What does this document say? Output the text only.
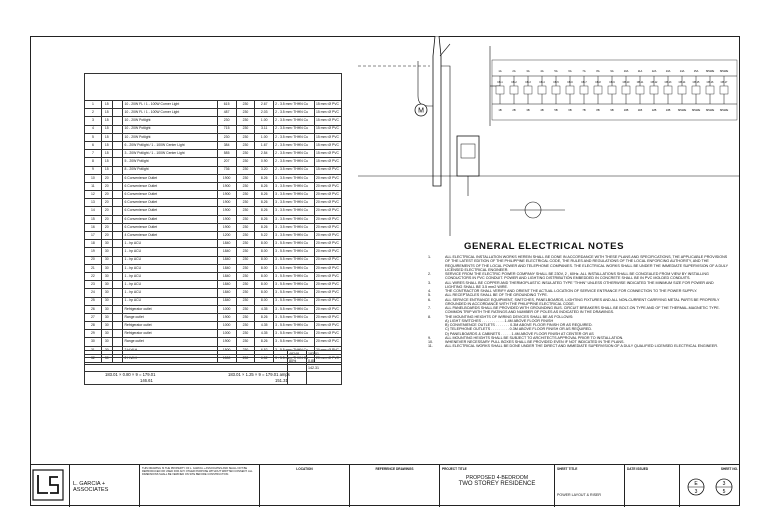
1	15		10 - 20W FL / 1 - 100W Corner Light	615	230	2.67	2 - 3.5 mm² THHN Cu	15 mm² Ø PVC
2	15		10 - 20W FL / 1 - 100W Corner Light	487	230	2.03	2 - 3.5 mm² THHN Cu	15 mm² Ø PVC
3	15		10 - 20W Potlight	230	230	1.00	2 - 3.5 mm² THHN Cu	15 mm² Ø PVC
4	15		10 - 20W Potlight	715	230	3.11	2 - 3.5 mm² THHN Cu	15 mm² Ø PVC
5	15		10 - 20W Potlight	230	230	1.00	2 - 3.5 mm² THHN Cu	15 mm² Ø PVC
6	15		6 - 20W Potlight / 1 - 100W Center Light	384	230	1.67	2 - 3.5 mm² THHN Cu	15 mm² Ø PVC
7	15		3 - 20W Potlight / 1 - 100W Center Light	585	230	2.54	2 - 3.5 mm² THHN Cu	15 mm² Ø PVC
8	15		5 - 20W Potlight	207	230	0.90	2 - 3.5 mm² THHN Cu	15 mm² Ø PVC
9	15		8 - 20W Potlight	736	230	3.20	2 - 3.5 mm² THHN Cu	15 mm² Ø PVC
10	20		6 Convenience Outlet	1900	230	8.26	3 - 3.5 mm² THHN Cu	20 mm² Ø PVC
11	20		6 Convenience Outlet	1900	230	8.26	3 - 3.5 mm² THHN Cu	20 mm² Ø PVC
12	20		6 Convenience Outlet	1900	230	8.26	3 - 3.5 mm² THHN Cu	20 mm² Ø PVC
13	20		6 Convenience Outlet	1900	230	8.26	3 - 3.5 mm² THHN Cu	20 mm² Ø PVC
14	20		6 Convenience Outlet	1900	230	8.26	3 - 3.5 mm² THHN Cu	20 mm² Ø PVC
15	20		6 Convenience Outlet	1900	230	8.26	3 - 3.5 mm² THHN Cu	20 mm² Ø PVC
16	20		6 Convenience Outlet	1900	230	8.26	3 - 3.5 mm² THHN Cu	20 mm² Ø PVC
17	20		4 Convenience Outlet	1200	230	5.22	3 - 3.5 mm² THHN Cu	20 mm² Ø PVC
18	30		1 - hp ACU	1840	230	8.00	3 - 5.5 mm² THHN Cu	20 mm² Ø PVC
19	30		1 - hp ACU	1840	230	8.00	3 - 5.5 mm² THHN Cu	20 mm² Ø PVC
20	30		1 - hp ACU	1840	230	8.00	3 - 5.5 mm² THHN Cu	20 mm² Ø PVC
21	30		1 - hp ACU	1840	230	8.00	3 - 5.5 mm² THHN Cu	20 mm² Ø PVC
22	30		1 - hp ACU	1840	230	8.00	3 - 5.5 mm² THHN Cu	20 mm² Ø PVC
23	30		1 - hp ACU	1840	230	8.00	3 - 5.5 mm² THHN Cu	20 mm² Ø PVC
24	30		1 - hp ACU	1840	230	8.00	3 - 5.5 mm² THHN Cu	20 mm² Ø PVC
25	30		1 - hp ACU	1840	230	8.00	3 - 5.5 mm² THHN Cu	20 mm² Ø PVC
26	30		Refrigerator outlet	1000	230	4.35	3 - 5.5 mm² THHN Cu	20 mm² Ø PVC
27	30		Range outlet	1900	230	8.26	3 - 5.5 mm² THHN Cu	20 mm² Ø PVC
28	30		Refrigerator outlet	1000	230	4.35	3 - 5.5 mm² THHN Cu	20 mm² Ø PVC
29	30		Refrigerator outlet	1000	230	4.35	3 - 5.5 mm² THHN Cu	20 mm² Ø PVC
30	30		Range outlet	1900	230	8.26	3 - 5.5 mm² THHN Cu	20 mm² Ø PVC
31	30		2 H.W.H	1500	230	6.52	3 - 5.5 mm² THHN Cu	20 mm² Ø PVC
32	30		2 H.W.H	1500	230	6.52	3 - 5.5 mm² THHN Cu	20 mm² Ø PVC
	48248	183.01
	80%	0.80
		142.31

183.01 × 0.80 × 9 = 179.01	183.01 × 1.25 × 9 = 179.01 amps
146.61	151.31
M
1A
CB-1
1B
2A
CB-2
2B
3A
CB-3
3B
4A
CB-4
4B
5A
CB-5
5B
6A
CB-6
6B
7A
CB-7
7B
8A
CB-8
8B
9A
CB-9
9B
10A
CB-10
10B
11A
CB-11
11B
12A
CB-12
12B
13A
CB-13
13B
14A
CB-14
SPARE
15A
CB-15
SPARE
SPARE
CB-16
SPARE
SPARE
CB-17
SPARE
GENERAL ELECTRICAL NOTES
1.	ALL ELECTRICAL INSTALLATION WORKS HEREIN SHALL BE DONE IN ACCORDANCE WITH THESE PLANS AND SPECIFICATIONS, THE APPLICABLE PROVISIONS OF THE LATEST EDITION OF THE PHILIPPINE ELECTRICAL CODE, THE RULES AND REGULATIONS OF THE LOCAL ENFORCING AUTHORITY, AND THE REQUIREMENTS OF THE LOCAL POWER AND TELEPHONE COMPANIES. THE ELECTRICAL WORKS SHALL BE UNDER THE IMMEDIATE SUPERVISION OF A DULY LICENSED ELECTRICAL ENGINEER.
2.	SERVICE FROM THE ELECTRIC POWER COMPANY SHALL BE 230V, 2 , 60Hz. ALL INSTALLATIONS SHALL BE CONCEALED FROM VIEW BY INSTALLING CONDUCTORS IN PVC CONDUIT. POWER AND LIGHTING DISTRIBUTION EMBEDDED IN CONCRETE SHALL BE IN PVC MOLDED CONDUITS.
3.	ALL WIRES SHALL BE COPPER AND THERMOPLASTIC INSULATED TYPE "THHN" UNLESS OTHERWISE INDICATED THE MINIMUM SIZE FOR POWER AND LIGHTING SHALL BE 3.5 mm2 WIRE.
4.	THE CONTRACTOR SHALL VERIFY AND ORIENT THE ACTUAL LOCATION OF SERVICE ENTRANCE FOR CONNECTION TO THE POWER SUPPLY.
5.	ALL RECEPTACLES SHALL BE OF THE GROUNDING TYPE.
6.	ALL SERVICE ENTRANCE EQUIPMENT, SWITCHES, PANELBOARDS, LIGHTING FIXTURES AND ALL NON-CURRENT CARRYING METAL PARTS BE PROPERLY GROUNDED IN ACCORDANCE WITH THE PHILIPPINE ELECTRICAL CODE.
7.	ALL PANELBOARDS SHALL BE PROVIDED WITH GROUNDING BUS. CIRCUIT BREAKERS SHALL BE BOLT-ON TYPE AND OF THE THERMAL-MAGNETIC TYPE. COMMON TRIP WITH THE RATINGS AND NUMBER OF POLES AS INDICATED IN THE DRAWINGS.
8.	THE MOUNTING HEIGHTS OF WIRING DEVICES SHALL BE AS FOLLOWS:
A) LIGHT SWITCHES . . . . . . . . . . . 1.4M ABOVE FLOOR FINISH
B) CONVENIENCE OUTLETS . . . . . . . 0.3M ABOVE FLOOR FINISH OR AS REQUIRED.
C) TELEPHONE OUTLETS . . . . . . . . . 0.3M ABOVE FLOOR FINISH OR AS REQUIRED.
D) PANELBOARDS & CABINETS . . . . . 1.4M ABOVE FLOOR FINISH AT CENTER OR AS
9.	ALL MOUNTING HEIGHTS SHALL BE SUBJECT TO ARCHITECTS APPROVAL PRIOR TO INSTALLATION.
10.	WHENEVER NECESSARY PULL BOXES SHALL BE PROVIDED EVEN IF NOT INDICATED IN THE PLANS.
11.	ALL ELECTRICAL WORKS SHALL BE DONE UNDER THE DIRECT AND IMMEDIATE SUPERVISION OF A DULY QUALIFIED LICENSED ELECTRICAL ENGINEER.
L. GARCIA + ASSOCIATES
THIS DRAWING IS THE PROPERTY OF L. GARCIA + ASSOCIATES AND SHALL NOT BE REPRODUCED OR USED FOR ANY OTHER PURPOSE WITHOUT WRITTEN CONSENT. ALL DIMENSIONS SHALL BE VERIFIED ON SITE BEFORE CONSTRUCTION.
LOCATION	REFERENCE DRAWINGS	PROJECT TITLE
PROPOSED 4-BEDROOM
TWO STOREY RESIDENCE
SHEET TITLE
POWER LAYOUT & RISER
DATE ISSUED	SHEET NO.
E
3
3
5
